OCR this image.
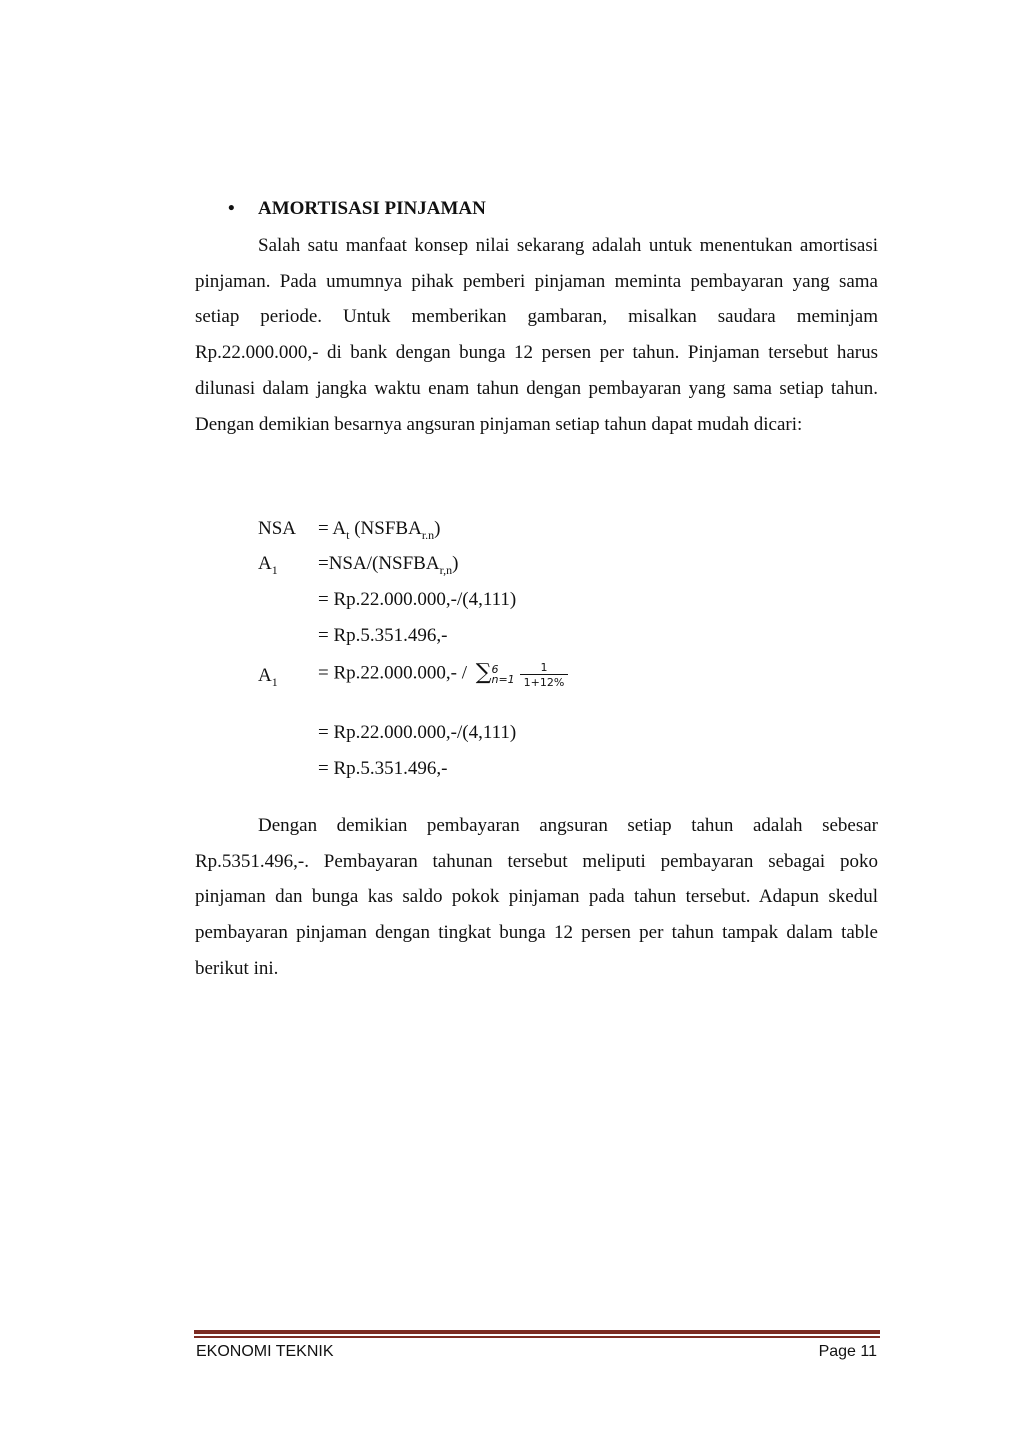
• AMORTISASI PINJAMAN

Salah satu manfaat konsep nilai sekarang adalah untuk menentukan amortisasi pinjaman. Pada umumnya pihak pemberi pinjaman meminta pembayaran yang sama setiap periode. Untuk memberikan gambaran, misalkan saudara meminjam Rp.22.000.000,- di bank dengan bunga 12 persen per tahun. Pinjaman tersebut harus dilunasi dalam jangka waktu enam tahun dengan pembayaran yang sama setiap tahun. Dengan demikian besarnya angsuran pinjaman setiap tahun dapat mudah dicari:

NSA = $A_t$ $(NSFBA_{r.n})$
$A_1$ $=NSA/(NSFBA_{r,n})$
= Rp.22.000.000,-/(4,111)
= Rp.5.351.496,-
$A_1 = Rp.22.000.000,-$ / ∑ 6
$n=1 \frac{1}{1+12\%}$
= Rp.22.000.000,-/(4,111)
= Rp.5.351.496,-

Dengan demikian pembayaran angsuran setiap tahun adalah sebesar Rp.5351.496,-. Pembayaran tahunan tersebut meliputi pembayaran sebagai poko pinjaman dan bunga kas saldo pokok pinjaman pada tahun tersebut. Adapun skedul pembayaran pinjaman dengan tingkat bunga 12 persen per tahun tampak dalam table berikut ini.

EKONOMI TEKNIK	Page 11
